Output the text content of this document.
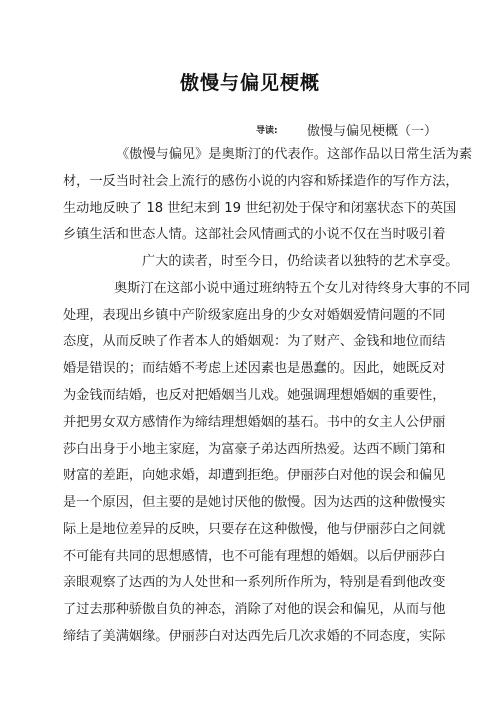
傲慢与偏见梗概
导读: 傲慢与偏见梗概（一）
《傲慢与偏见》是奥斯汀的代表作。这部作品以日常生活为素
材，一反当时社会上流行的感伤小说的内容和矫揉造作的写作方法，
生动地反映了 18 世纪末到 19 世纪初处于保守和闭塞状态下的英国
乡镇生活和世态人情。这部社会风情画式的小说不仅在当时吸引着
广大的读者，时至今日，仍给读者以独特的艺术享受。
奥斯汀在这部小说中通过班纳特五个女儿对待终身大事的不同
处理，表现出乡镇中产阶级家庭出身的少女对婚姻爱情问题的不同
态度，从而反映了作者本人的婚姻观：为了财产、金钱和地位而结
婚是错误的；而结婚不考虑上述因素也是愚蠢的。因此，她既反对
为金钱而结婚，也反对把婚姻当儿戏。她强调理想婚姻的重要性，
并把男女双方感情作为缔结理想婚姻的基石。书中的女主人公伊丽
莎白出身于小地主家庭，为富豪子弟达西所热爱。达西不顾门第和
财富的差距，向她求婚，却遭到拒绝。伊丽莎白对他的误会和偏见
是一个原因，但主要的是她讨厌他的傲慢。因为达西的这种傲慢实
际上是地位差异的反映，只要存在这种傲慢，他与伊丽莎白之间就
不可能有共同的思想感情，也不可能有理想的婚姻。以后伊丽莎白
亲眼观察了达西的为人处世和一系列所作所为，特别是看到他改变
了过去那种骄傲自负的神态，消除了对他的误会和偏见，从而与他
缔结了美满姻缘。伊丽莎白对达西先后几次求婚的不同态度，实际
